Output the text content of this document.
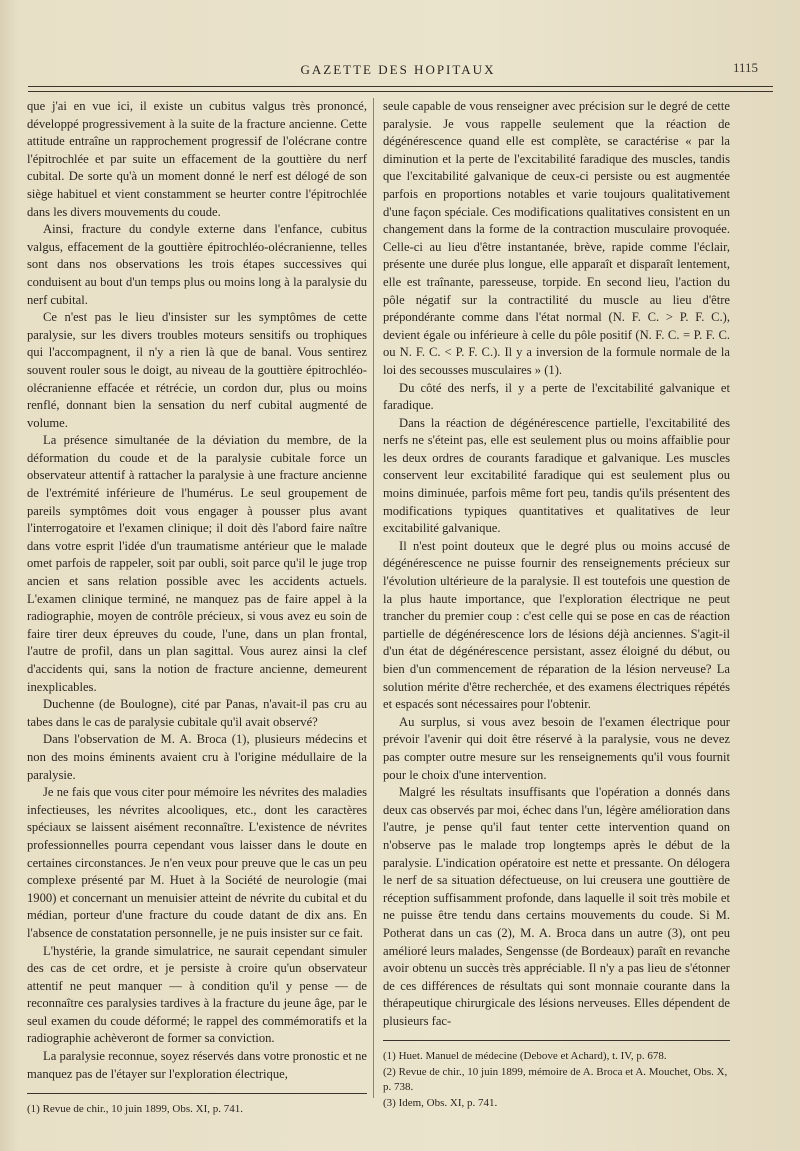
GAZETTE DES HOPITAUX	1115

que j'ai en vue ici, il existe un cubitus valgus très prononcé, développé progressivement à la suite de la fracture ancienne. Cette attitude entraîne un rapprochement progressif de l'olécrane contre l'épitrochlée et par suite un effacement de la gouttière du nerf cubital. De sorte qu'à un moment donné le nerf est délogé de son siège habituel et vient constamment se heurter contre l'épitrochlée dans les divers mouvements du coude.

Ainsi, fracture du condyle externe dans l'enfance, cubitus valgus, effacement de la gouttière épitrochléo-olécranienne, telles sont dans nos observations les trois étapes successives qui conduisent au bout d'un temps plus ou moins long à la paralysie du nerf cubital.

Ce n'est pas le lieu d'insister sur les symptômes de cette paralysie, sur les divers troubles moteurs sensitifs ou trophiques qui l'accompagnent, il n'y a rien là que de banal. Vous sentirez souvent rouler sous le doigt, au niveau de la gouttière épitrochléo-olécranienne effacée et rétrécie, un cordon dur, plus ou moins renflé, donnant bien la sensation du nerf cubital augmenté de volume.

La présence simultanée de la déviation du membre, de la déformation du coude et de la paralysie cubitale force un observateur attentif à rattacher la paralysie à une fracture ancienne de l'extrémité inférieure de l'humérus. Le seul groupement de pareils symptômes doit vous engager à pousser plus avant l'interrogatoire et l'examen clinique; il doit dès l'abord faire naître dans votre esprit l'idée d'un traumatisme antérieur que le malade omet parfois de rappeler, soit par oubli, soit parce qu'il le juge trop ancien et sans relation possible avec les accidents actuels. L'examen clinique terminé, ne manquez pas de faire appel à la radiographie, moyen de contrôle précieux, si vous avez eu soin de faire tirer deux épreuves du coude, l'une, dans un plan frontal, l'autre de profil, dans un plan sagittal. Vous aurez ainsi la clef d'accidents qui, sans la notion de fracture ancienne, demeurent inexplicables.

Duchenne (de Boulogne), cité par Panas, n'avait-il pas cru au tabes dans le cas de paralysie cubitale qu'il avait observé?

Dans l'observation de M. A. Broca (1), plusieurs médecins et non des moins éminents avaient cru à l'origine médullaire de la paralysie.

Je ne fais que vous citer pour mémoire les névrites des maladies infectieuses, les névrites alcooliques, etc., dont les caractères spéciaux se laissent aisément reconnaître. L'existence de névrites professionnelles pourra cependant vous laisser dans le doute en certaines circonstances. Je n'en veux pour preuve que le cas un peu complexe présenté par M. Huet à la Société de neurologie (mai 1900) et concernant un menuisier atteint de névrite du cubital et du médian, porteur d'une fracture du coude datant de dix ans. En l'absence de constatation personnelle, je ne puis insister sur ce fait.

L'hystérie, la grande simulatrice, ne saurait cependant simuler des cas de cet ordre, et je persiste à croire qu'un observateur attentif ne peut manquer — à condition qu'il y pense — de reconnaître ces paralysies tardives à la fracture du jeune âge, par le seul examen du coude déformé; le rappel des commémoratifs et la radiographie achèveront de former sa conviction.

La paralysie reconnue, soyez réservés dans votre pronostic et ne manquez pas de l'étayer sur l'exploration électrique,

(1) Revue de chir., 10 juin 1899, Obs. XI, p. 741.

seule capable de vous renseigner avec précision sur le degré de cette paralysie. Je vous rappelle seulement que la réaction de dégénérescence quand elle est complète, se caractérise « par la diminution et la perte de l'excitabilité faradique des muscles, tandis que l'excitabilité galvanique de ceux-ci persiste ou est augmentée parfois en proportions notables et varie toujours qualitativement d'une façon spéciale. Ces modifications qualitatives consistent en un changement dans la forme de la contraction musculaire provoquée. Celle-ci au lieu d'être instantanée, brève, rapide comme l'éclair, présente une durée plus longue, elle apparaît et disparaît lentement, elle est traînante, paresseuse, torpide. En second lieu, l'action du pôle négatif sur la contractilité du muscle au lieu d'être prépondérante comme dans l'état normal (N. F. C. > P. F. C.), devient égale ou inférieure à celle du pôle positif (N. F. C. = P. F. C. ou N. F. C. < P. F. C.). Il y a inversion de la formule normale de la loi des secousses musculaires » (1).

Du côté des nerfs, il y a perte de l'excitabilité galvanique et faradique.

Dans la réaction de dégénérescence partielle, l'excitabilité des nerfs ne s'éteint pas, elle est seulement plus ou moins affaiblie pour les deux ordres de courants faradique et galvanique. Les muscles conservent leur excitabilité faradique qui est seulement plus ou moins diminuée, parfois même fort peu, tandis qu'ils présentent des modifications typiques quantitatives et qualitatives de leur excitabilité galvanique.

Il n'est point douteux que le degré plus ou moins accusé de dégénérescence ne puisse fournir des renseignements précieux sur l'évolution ultérieure de la paralysie. Il est toutefois une question de la plus haute importance, que l'exploration électrique ne peut trancher du premier coup : c'est celle qui se pose en cas de réaction partielle de dégénérescence lors de lésions déjà anciennes. S'agit-il d'un état de dégénérescence persistant, assez éloigné du début, ou bien d'un commencement de réparation de la lésion nerveuse? La solution mérite d'être recherchée, et des examens électriques répétés et espacés sont nécessaires pour l'obtenir.

Au surplus, si vous avez besoin de l'examen électrique pour prévoir l'avenir qui doit être réservé à la paralysie, vous ne devez pas compter outre mesure sur les renseignements qu'il vous fournit pour le choix d'une intervention.

Malgré les résultats insuffisants que l'opération a donnés dans deux cas observés par moi, échec dans l'un, légère amélioration dans l'autre, je pense qu'il faut tenter cette intervention quand on n'observe pas le malade trop longtemps après le début de la paralysie. L'indication opératoire est nette et pressante. On délogera le nerf de sa situation défectueuse, on lui creusera une gouttière de réception suffisamment profonde, dans laquelle il soit très mobile et ne puisse être tendu dans certains mouvements du coude. Si M. Potherat dans un cas (2), M. A. Broca dans un autre (3), ont peu amélioré leurs malades, Sengensse (de Bordeaux) paraît en revanche avoir obtenu un succès très appréciable. Il n'y a pas lieu de s'étonner de ces différences de résultats qui sont monnaie courante dans la thérapeutique chirurgicale des lésions nerveuses. Elles dépendent de plusieurs fac-

(1) Huet. Manuel de médecine (Debove et Achard), t. IV, p. 678.

(2) Revue de chir., 10 juin 1899, mémoire de A. Broca et A. Mouchet, Obs. X, p. 738.

(3) Idem, Obs. XI, p. 741.
